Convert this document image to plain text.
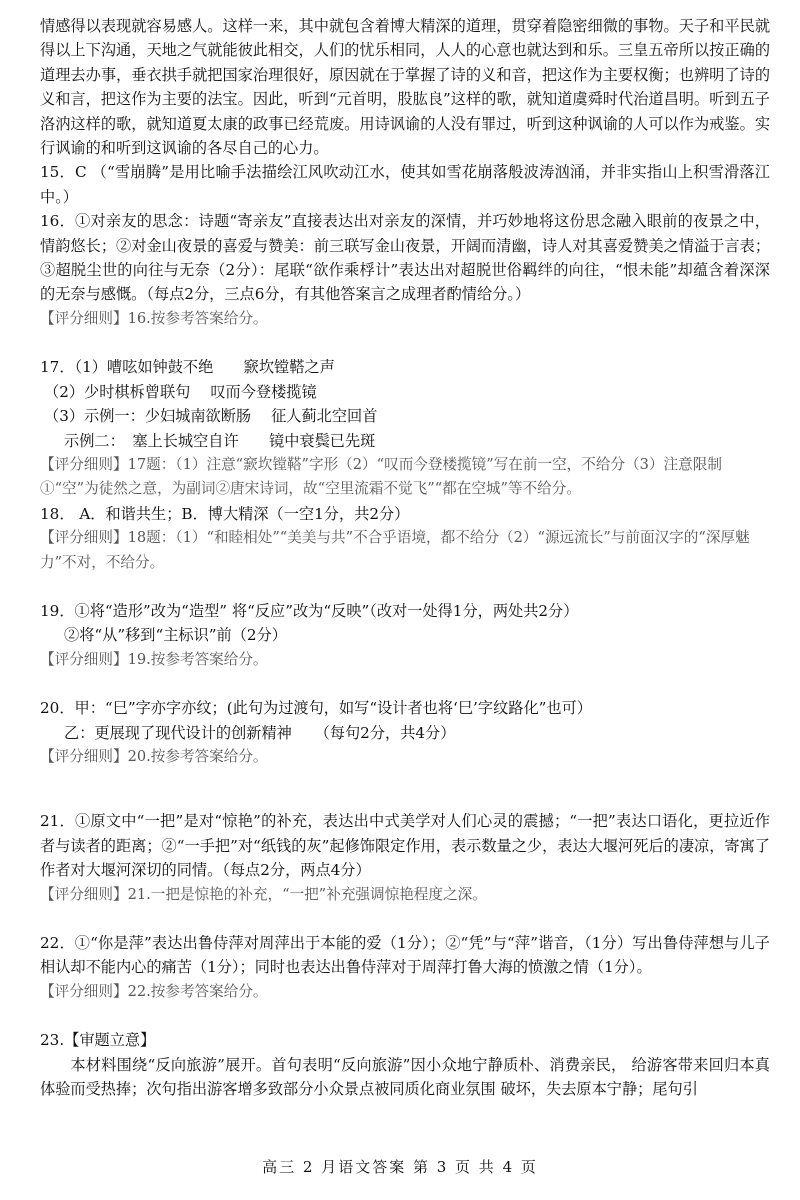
情感得以表现就容易感人。这样一来，其中就包含着博大精深的道理，贯穿着隐密细微的事物。天子和平民就得以上下沟通，天地之气就能彼此相交，人们的忧乐相同，人人的心意也就达到和乐。三皇五帝所以按正确的道理去办事，垂衣拱手就把国家治理很好，原因就在于掌握了诗的义和音，把这作为主要权衡；也辨明了诗的义和言，把这作为主要的法宝。因此，听到“元首明，股肱良”这样的歌，就知道虞舜时代治道昌明。听到五子洛汭这样的歌，就知道夏太康的政事已经荒废。用诗讽谕的人没有罪过，听到这种讽谕的人可以作为戒鉴。实行讽谕的和听到这讽谕的各尽自己的心力。

15．C （“雪崩腾”是用比喻手法描绘江风吹动江水，使其如雪花崩落般波涛汹涌，并非实指山上积雪滑落江中。）

16．①对亲友的思念：诗题“寄亲友”直接表达出对亲友的深情，并巧妙地将这份思念融入眼前的夜景之中，情韵悠长；②对金山夜景的喜爱与赞美：前三联写金山夜景，开阔而清幽，诗人对其喜爱赞美之情溢于言表；③超脱尘世的向往与无奈（2分）：尾联“欲作乘桴计”表达出对超脱世俗羁绊的向往，“恨未能”却蕴含着深深的无奈与感慨。（每点2分，三点6分，有其他答案言之成理者酌情给分。）

【评分细则】16.按参考答案给分。

17．（1）嘈呟如钟鼓不绝　　窾坎镗鞳之声

（2）少时棋柝曾联句　 叹而今登楼揽镜

（3）示例一：少妇城南欲断肠　 征人蓟北空回首

示例二：　塞上长城空自许　　镜中衰鬓已先斑

【评分细则】17题：（1）注意“窾坎镗鞳”字形（2）“叹而今登楼揽镜”写在前一空，不给分（3）注意限制①“空”为徒然之意，为副词②唐宋诗词，故“空里流霜不觉飞”“都在空城”等不给分。

18． A．和谐共生；B．博大精深（一空1分，共2分）

【评分细则】18题：（1）“和睦相处”“美美与共”不合乎语境，都不给分（2）“源远流长”与前面汉字的“深厚魅力”不对，不给分。

19．①将“造形”改为“造型” 将“反应”改为“反映”（改对一处得1分，两处共2分）

②将“从”移到“主标识”前（2分）

【评分细则】19.按参考答案给分。

20．甲：“巳”字亦字亦纹；(此句为过渡句，如写“设计者也将‘巳’字纹路化”也可）

乙：更展现了现代设计的创新精神　　（每句2分，共4分）

【评分细则】20.按参考答案给分。

21．①原文中“一把”是对“惊艳”的补充，表达出中式美学对人们心灵的震撼；“一把”表达口语化，更拉近作者与读者的距离；②“一手把”对“纸钱的灰”起修饰限定作用，表示数量之少，表达大堰河死后的凄凉，寄寓了作者对大堰河深切的同情。（每点2分，两点4分）

【评分细则】21.一把是惊艳的补充，“一把”补充强调惊艳程度之深。

22．①“你是萍”表达出鲁侍萍对周萍出于本能的爱（1分）；②“凭”与“萍”谐音，（1分）写出鲁侍萍想与儿子相认却不能内心的痛苦（1分）；同时也表达出鲁侍萍对于周萍打鲁大海的愤激之情（1分）。

【评分细则】22.按参考答案给分。

23.【审题立意】

本材料围绕“反向旅游”展开。首句表明“反向旅游”因小众地宁静质朴、消费亲民， 给游客带来回归本真体验而受热捧；次句指出游客增多致部分小众景点被同质化商业氛围 破坏，失去原本宁静；尾句引

高三 2 月语文答案 第 3 页 共 4 页
